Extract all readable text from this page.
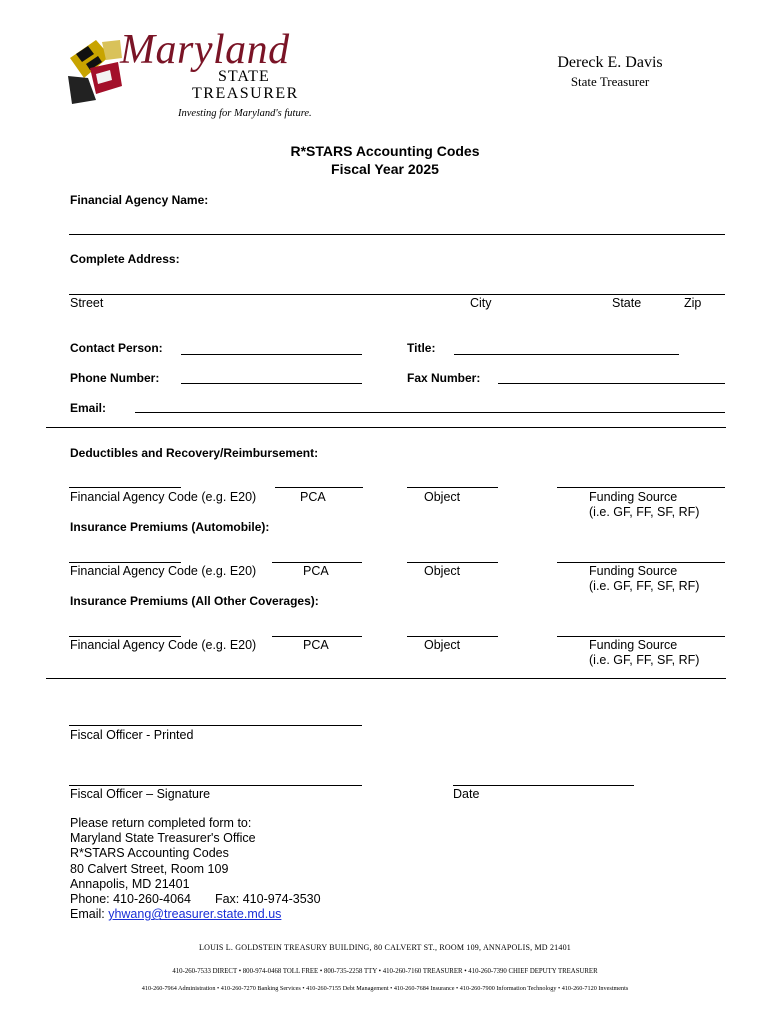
Maryland
STATE
TREASURER
Investing for Maryland's future.
Dereck E. Davis
State Treasurer
R*STARS Accounting Codes
Fiscal Year 2025
Financial Agency Name:
Complete Address:
Street	City	State	Zip
Contact Person:	Title:
Phone Number:	Fax Number:
Email:
Deductibles and Recovery/Reimbursement:
Financial Agency Code (e.g. E20)	PCA	Object	Funding Source
(i.e. GF, FF, SF, RF)
Insurance Premiums (Automobile):
Financial Agency Code (e.g. E20)	PCA	Object	Funding Source
(i.e. GF, FF, SF, RF)
Insurance Premiums (All Other Coverages):
Financial Agency Code (e.g. E20)	PCA	Object	Funding Source
(i.e. GF, FF, SF, RF)
Fiscal Officer - Printed
Fiscal Officer – Signature	Date
Please return completed form to:
Maryland State Treasurer's Office
R*STARS Accounting Codes
80 Calvert Street, Room 109
Annapolis, MD 21401
Phone: 410-260-4064 Fax: 410-974-3530
Email: yhwang@treasurer.state.md.us
LOUIS L. GOLDSTEIN TREASURY BUILDING, 80 CALVERT ST., ROOM 109, ANNAPOLIS, MD 21401
410-260-7533 DIRECT • 800-974-0468 TOLL FREE • 800-735-2258 TTY • 410-260-7160 TREASURER • 410-260-7390 CHIEF DEPUTY TREASURER
410-260-7964 Administration • 410-260-7270 Banking Services • 410-260-7155 Debt Management • 410-260-7684 Insurance • 410-260-7900 Information Technology • 410-260-7120 Investments
